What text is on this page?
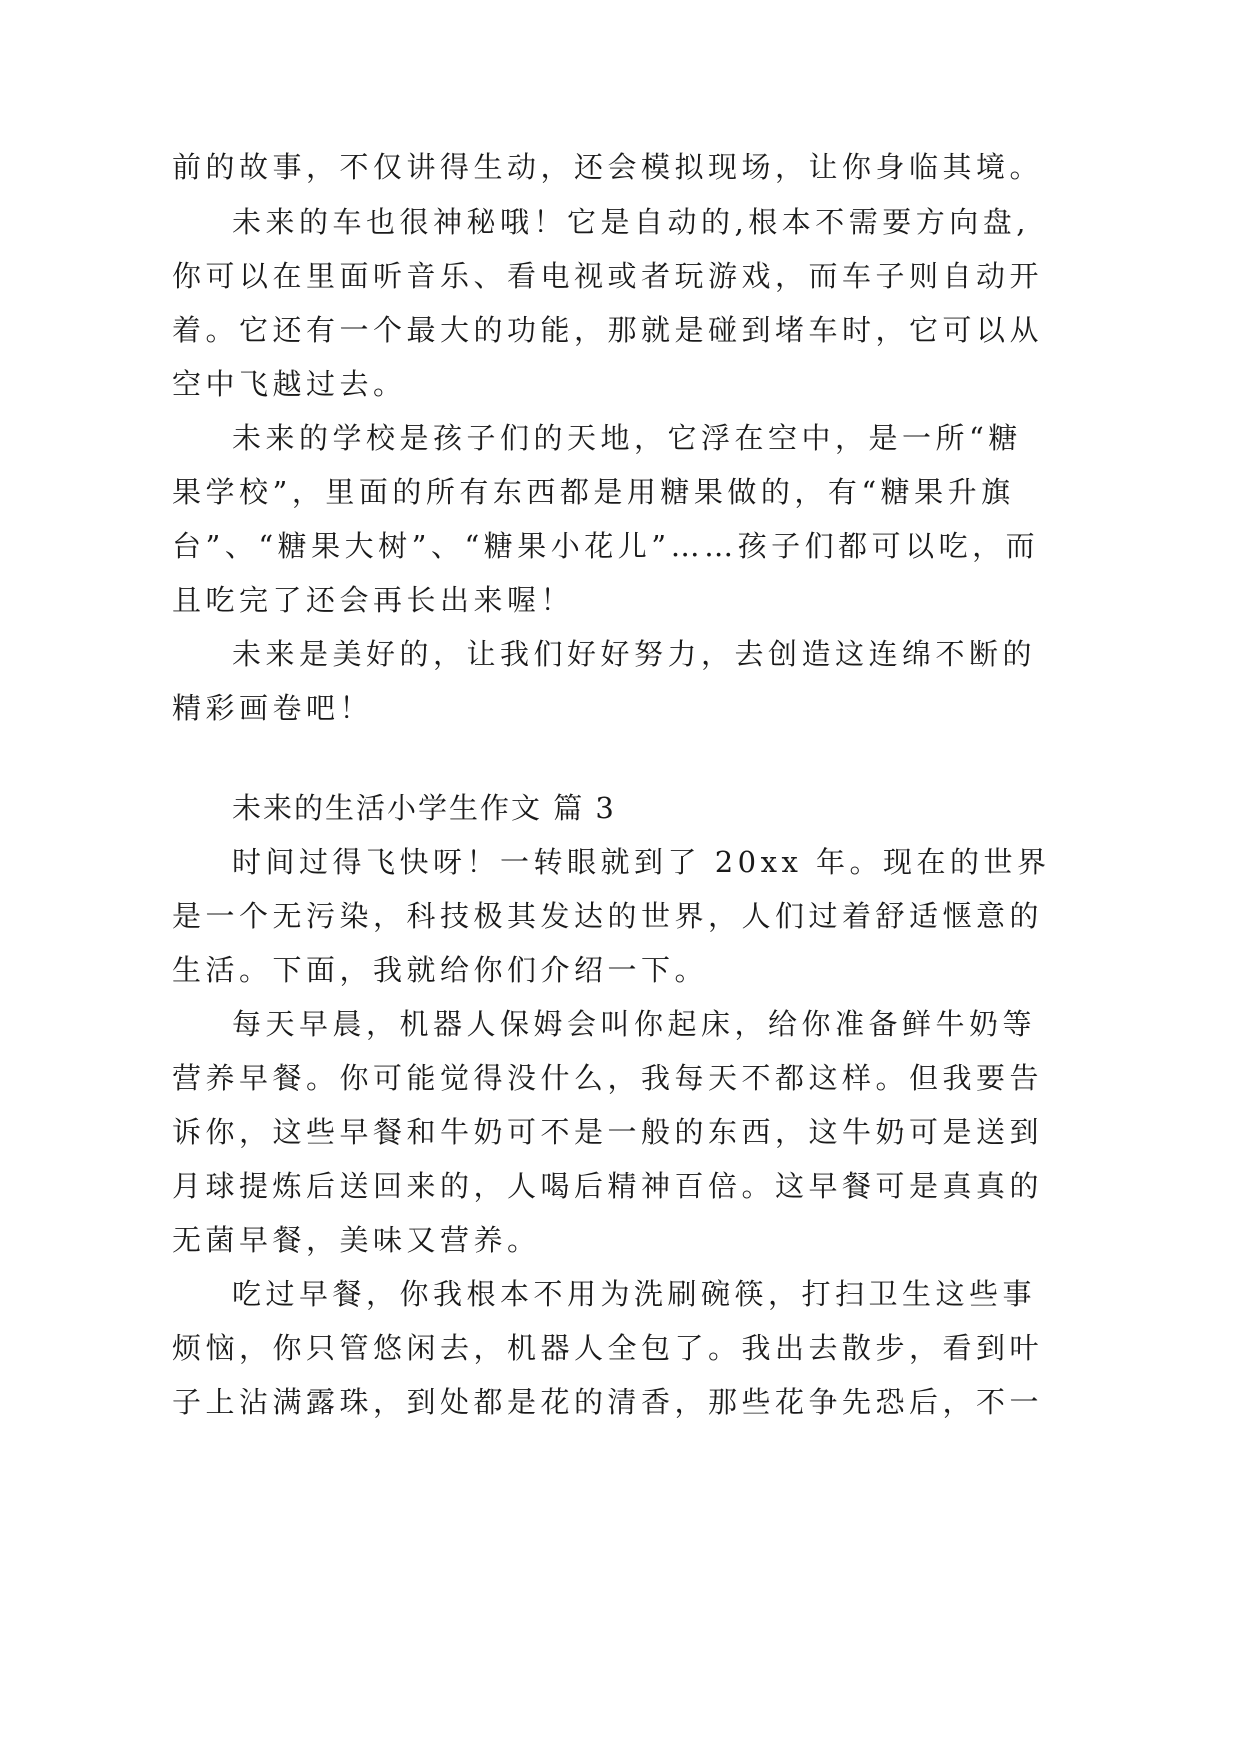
前的故事，不仅讲得生动，还会模拟现场，让你身临其境。
未来的车也很神秘哦！它是自动的,根本不需要方向盘,
你可以在里面听音乐、看电视或者玩游戏，而车子则自动开
着。它还有一个最大的功能，那就是碰到堵车时，它可以从
空中飞越过去。
未来的学校是孩子们的天地，它浮在空中，是一所“糖
果学校”，里面的所有东西都是用糖果做的，有“糖果升旗
台”、“糖果大树”、“糖果小花儿”……孩子们都可以吃，而
且吃完了还会再长出来喔！
未来是美好的，让我们好好努力，去创造这连绵不断的
精彩画卷吧！
未来的生活小学生作文 篇 3
时间过得飞快呀！一转眼就到了 20xx 年。现在的世界
是一个无污染，科技极其发达的世界，人们过着舒适惬意的
生活。下面，我就给你们介绍一下。
每天早晨，机器人保姆会叫你起床，给你准备鲜牛奶等
营养早餐。你可能觉得没什么，我每天不都这样。但我要告
诉你，这些早餐和牛奶可不是一般的东西，这牛奶可是送到
月球提炼后送回来的，人喝后精神百倍。这早餐可是真真的
无菌早餐，美味又营养。
吃过早餐，你我根本不用为洗刷碗筷，打扫卫生这些事
烦恼，你只管悠闲去，机器人全包了。我出去散步，看到叶
子上沾满露珠，到处都是花的清香，那些花争先恐后，不一
